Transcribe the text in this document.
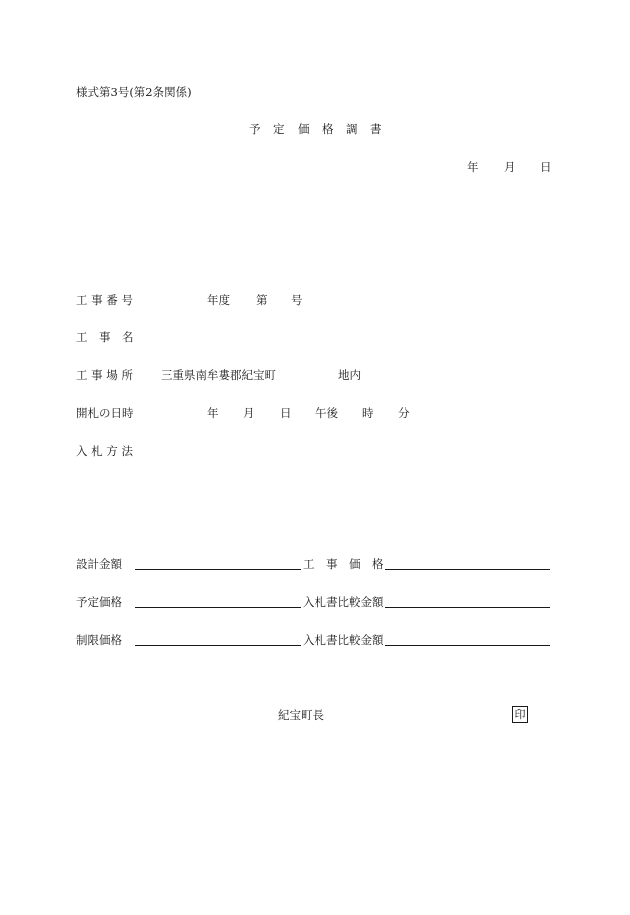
様式第3号(第2条関係)
予 定 価 格 調 書
年 月 日
工 事 番 号	年度 第 号
工　事　名
工 事 場 所 三重県南牟婁郡紀宝町	地内
開札の日時	年 月 日 午後 時 分
入 札 方 法
設計金額	工　事　価　格
予定価格	入札書比較金額
制限価格	入札書比較金額
紀宝町長	印
